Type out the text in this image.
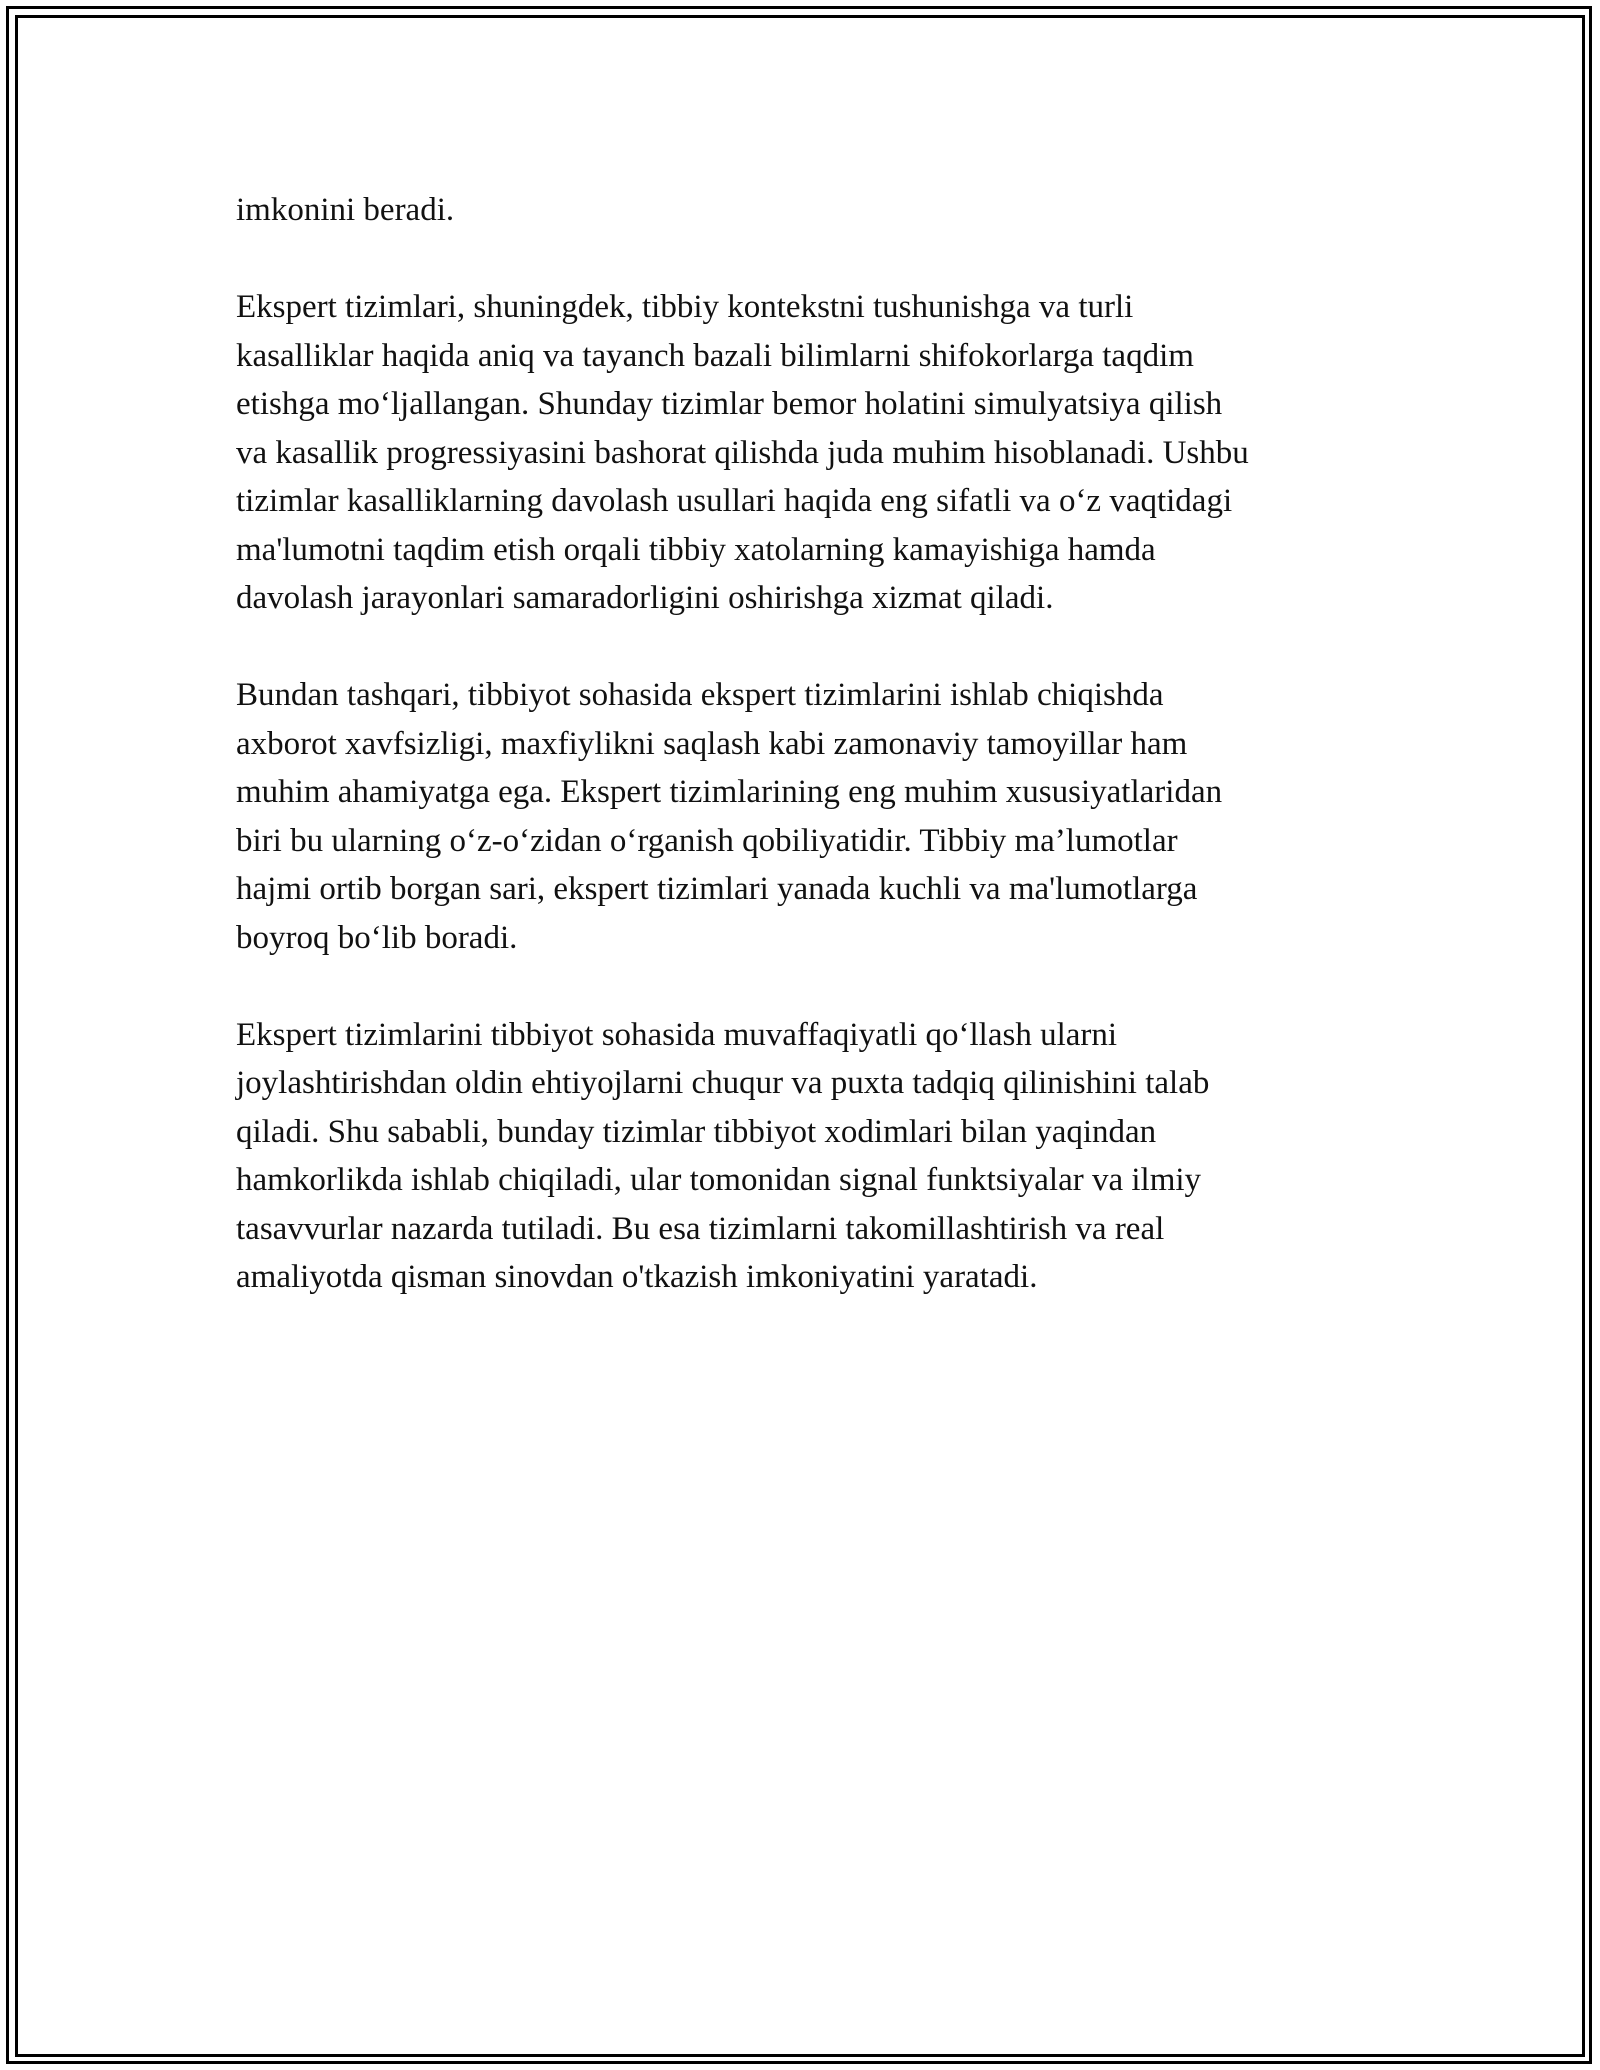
imkonini beradi.

Ekspert tizimlari, shuningdek, tibbiy kontekstni tushunishga va turli
kasalliklar haqida aniq va tayanch bazali bilimlarni shifokorlarga taqdim
etishga mo‘ljallangan. Shunday tizimlar bemor holatini simulyatsiya qilish
va kasallik progressiyasini bashorat qilishda juda muhim hisoblanadi. Ushbu
tizimlar kasalliklarning davolash usullari haqida eng sifatli va o‘z vaqtidagi
ma'lumotni taqdim etish orqali tibbiy xatolarning kamayishiga hamda
davolash jarayonlari samaradorligini oshirishga xizmat qiladi.

Bundan tashqari, tibbiyot sohasida ekspert tizimlarini ishlab chiqishda
axborot xavfsizligi, maxfiylikni saqlash kabi zamonaviy tamoyillar ham
muhim ahamiyatga ega. Ekspert tizimlarining eng muhim xususiyatlaridan
biri bu ularning o‘z-o‘zidan o‘rganish qobiliyatidir. Tibbiy ma’lumotlar
hajmi ortib borgan sari, ekspert tizimlari yanada kuchli va ma'lumotlarga
boyroq bo‘lib boradi.

Ekspert tizimlarini tibbiyot sohasida muvaffaqiyatli qo‘llash ularni
joylashtirishdan oldin ehtiyojlarni chuqur va puxta tadqiq qilinishini talab
qiladi. Shu sababli, bunday tizimlar tibbiyot xodimlari bilan yaqindan
hamkorlikda ishlab chiqiladi, ular tomonidan signal funktsiyalar va ilmiy
tasavvurlar nazarda tutiladi. Bu esa tizimlarni takomillashtirish va real
amaliyotda qisman sinovdan o'tkazish imkoniyatini yaratadi.
